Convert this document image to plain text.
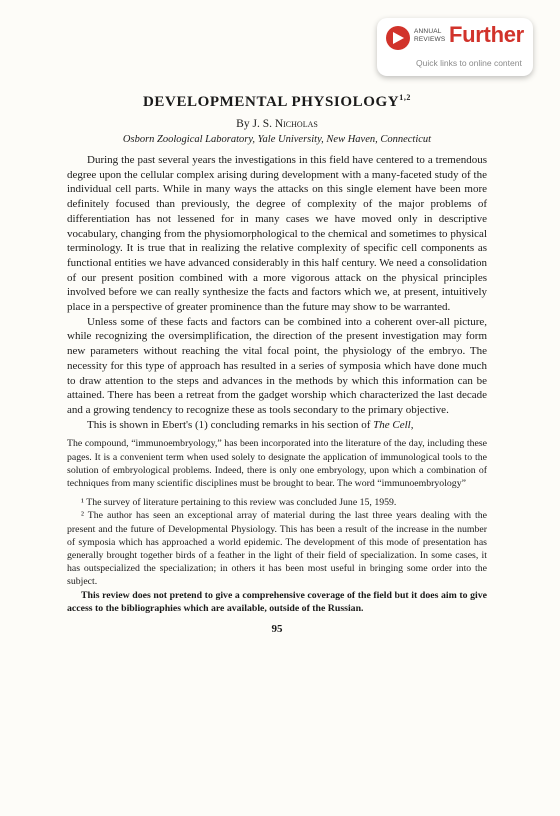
ANNUAL REVIEWS Further
Quick links to online content
DEVELOPMENTAL PHYSIOLOGY$^{1,2}$
By J. S. Nicholas
Osborn Zoological Laboratory, Yale University, New Haven, Connecticut

During the past several years the investigations in this field have centered to a tremendous degree upon the cellular complex arising during development with a many-faceted study of the individual cell parts. While in many ways the attacks on this single element have been more definitely focused than previously, the degree of complexity of the major problems of differentiation has not lessened for in many cases we have moved only in descriptive vocabulary, changing from the physiomorphological to the chemical and sometimes to physical terminology. It is true that in realizing the relative complexity of specific cell components as functional entities we have advanced considerably in this half century. We need a consolidation of our present position combined with a more vigorous attack on the physical principles involved before we can really synthesize the facts and factors which we, at present, intuitively place in a perspective of greater prominence than the future may show to be warranted.

Unless some of these facts and factors can be combined into a coherent over-all picture, while recognizing the oversimplification, the direction of the present investigation may form new parameters without reaching the vital focal point, the physiology of the embryo. The necessity for this type of approach has resulted in a series of symposia which have done much to draw attention to the steps and advances in the methods by which this information can be attained. There has been a retreat from the gadget worship which characterized the last decade and a growing tendency to recognize these as tools secondary to the primary objective.

This is shown in Ebert's (1) concluding remarks in his section of The Cell,

The compound, “immunoembryology,” has been incorporated into the literature of the day, including these pages. It is a convenient term when used solely to designate the application of immunological tools to the solution of embryological problems. Indeed, there is only one embryology, upon which a combination of techniques from many scientific disciplines must be brought to bear. The word “immunoembryology”

¹ The survey of literature pertaining to this review was concluded June 15, 1959.

² The author has seen an exceptional array of material during the last three years dealing with the present and the future of Developmental Physiology. This has been a result of the increase in the number of symposia which has approached a world epidemic. The development of this mode of presentation has generally brought together birds of a feather in the light of their field of specialization. In some cases, it has outspecialized the specialization; in others it has been most useful in bringing some order into the subject.

This review does not pretend to give a comprehensive coverage of the field but it does aim to give access to the bibliographies which are available, outside of the Russian.

95
